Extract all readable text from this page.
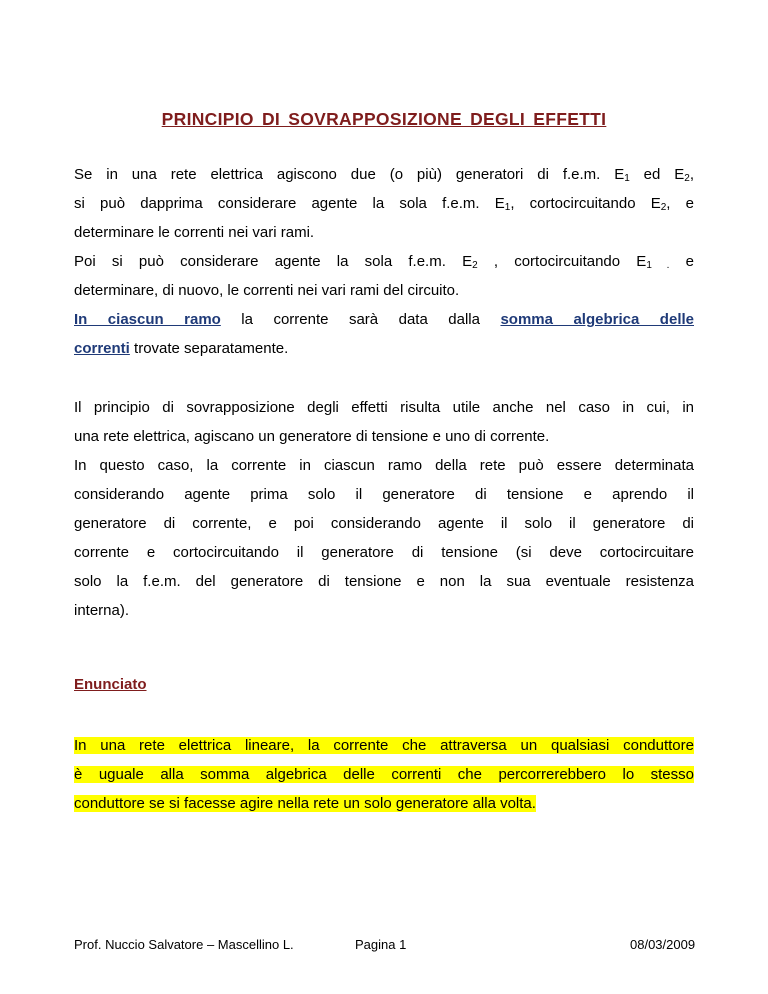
PRINCIPIO DI SOVRAPPOSIZIONE DEGLI EFFETTI
Se in una rete elettrica agiscono due (o più) generatori di f.e.m. $E_1$ ed $E_2$,
si può dapprima considerare agente la sola f.e.m. $E_1$, cortocircuitando $E_2$, e
determinare le correnti nei vari rami.
Poi si può considerare agente la sola f.e.m. $E_2$ , cortocircuitando $E_{1 .}$ e
determinare, di nuovo, le correnti nei vari rami del circuito.
In ciascun ramo la corrente sarà data dalla somma algebrica delle
correnti trovate separatamente.
Il principio di sovrapposizione degli effetti risulta utile anche nel caso in cui, in
una rete elettrica, agiscano un generatore di tensione e uno di corrente.
In questo caso, la corrente in ciascun ramo della rete può essere determinata
considerando agente prima solo il generatore di tensione e aprendo il
generatore di corrente, e poi considerando agente il solo il generatore di
corrente e cortocircuitando il generatore di tensione (si deve cortocircuitare
solo la f.e.m. del generatore di tensione e non la sua eventuale resistenza
interna).
Enunciato
In una rete elettrica lineare, la corrente che attraversa un qualsiasi conduttore
è uguale alla somma algebrica delle correnti che percorrerebbero lo stesso
conduttore se si facesse agire nella rete un solo generatore alla volta.

Prof. Nuccio Salvatore – Mascellino L.	Pagina 1	08/03/2009
